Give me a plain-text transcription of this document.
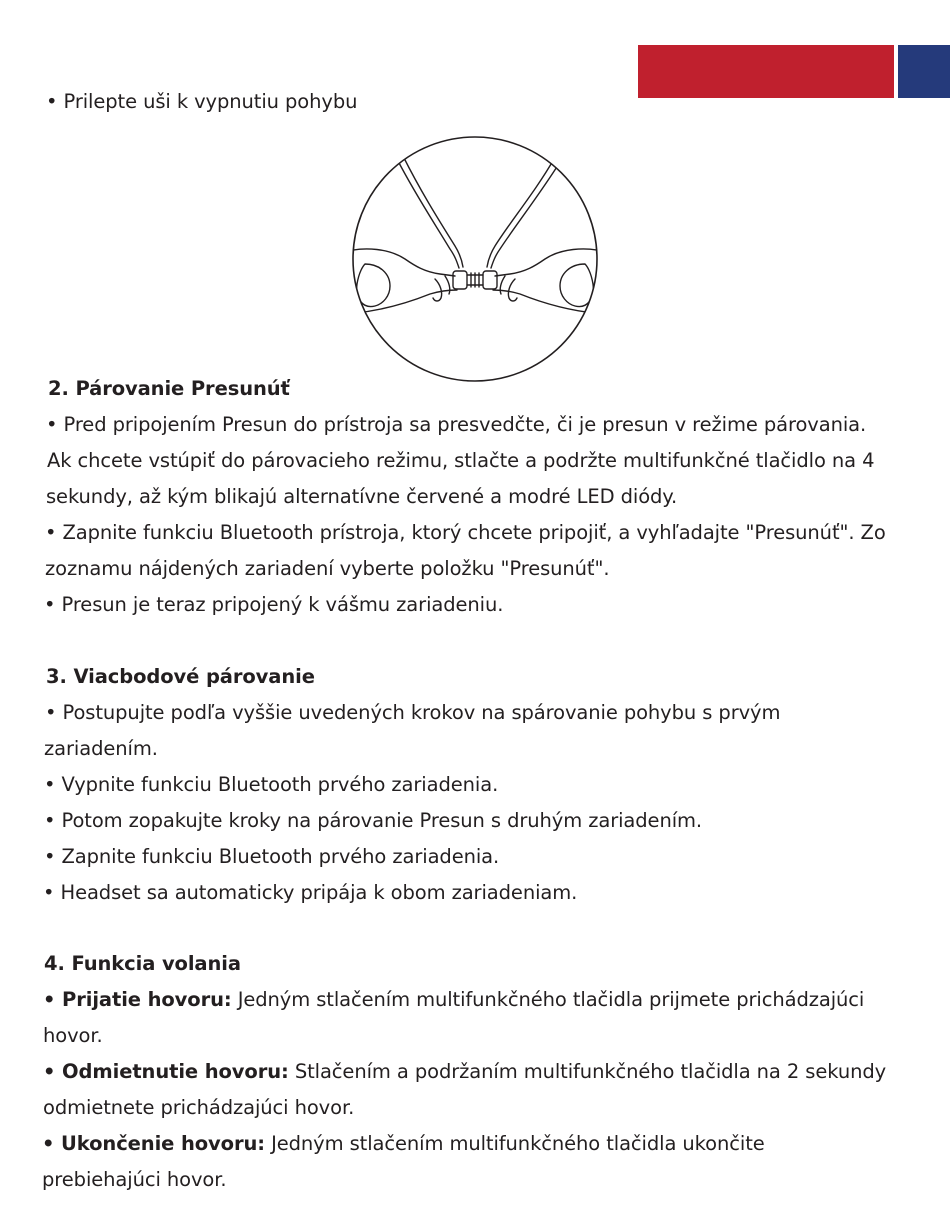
• Prilepte uši k vypnutiu pohybu
2. Párovanie Presunúť
• Pred pripojením Presun do prístroja sa presvedčte, či je presun v režime párovania.
Ak chcete vstúpiť do párovacieho režimu, stlačte a podržte multifunkčné tlačidlo na 4
sekundy, až kým blikajú alternatívne červené a modré LED diódy.
• Zapnite funkciu Bluetooth prístroja, ktorý chcete pripojiť, a vyhľadajte "Presunúť". Zo
zoznamu nájdených zariadení vyberte položku "Presunúť".
• Presun je teraz pripojený k vášmu zariadeniu.
3. Viacbodové párovanie
• Postupujte podľa vyššie uvedených krokov na spárovanie pohybu s prvým
zariadením.
• Vypnite funkciu Bluetooth prvého zariadenia.
• Potom zopakujte kroky na párovanie Presun s druhým zariadením.
• Zapnite funkciu Bluetooth prvého zariadenia.
• Headset sa automaticky pripája k obom zariadeniam.
4. Funkcia volania
• Prijatie hovoru: Jedným stlačením multifunkčného tlačidla prijmete prichádzajúci
hovor.
• Odmietnutie hovoru: Stlačením a podržaním multifunkčného tlačidla na 2 sekundy
odmietnete prichádzajúci hovor.
• Ukončenie hovoru: Jedným stlačením multifunkčného tlačidla ukončite
prebiehajúci hovor.
